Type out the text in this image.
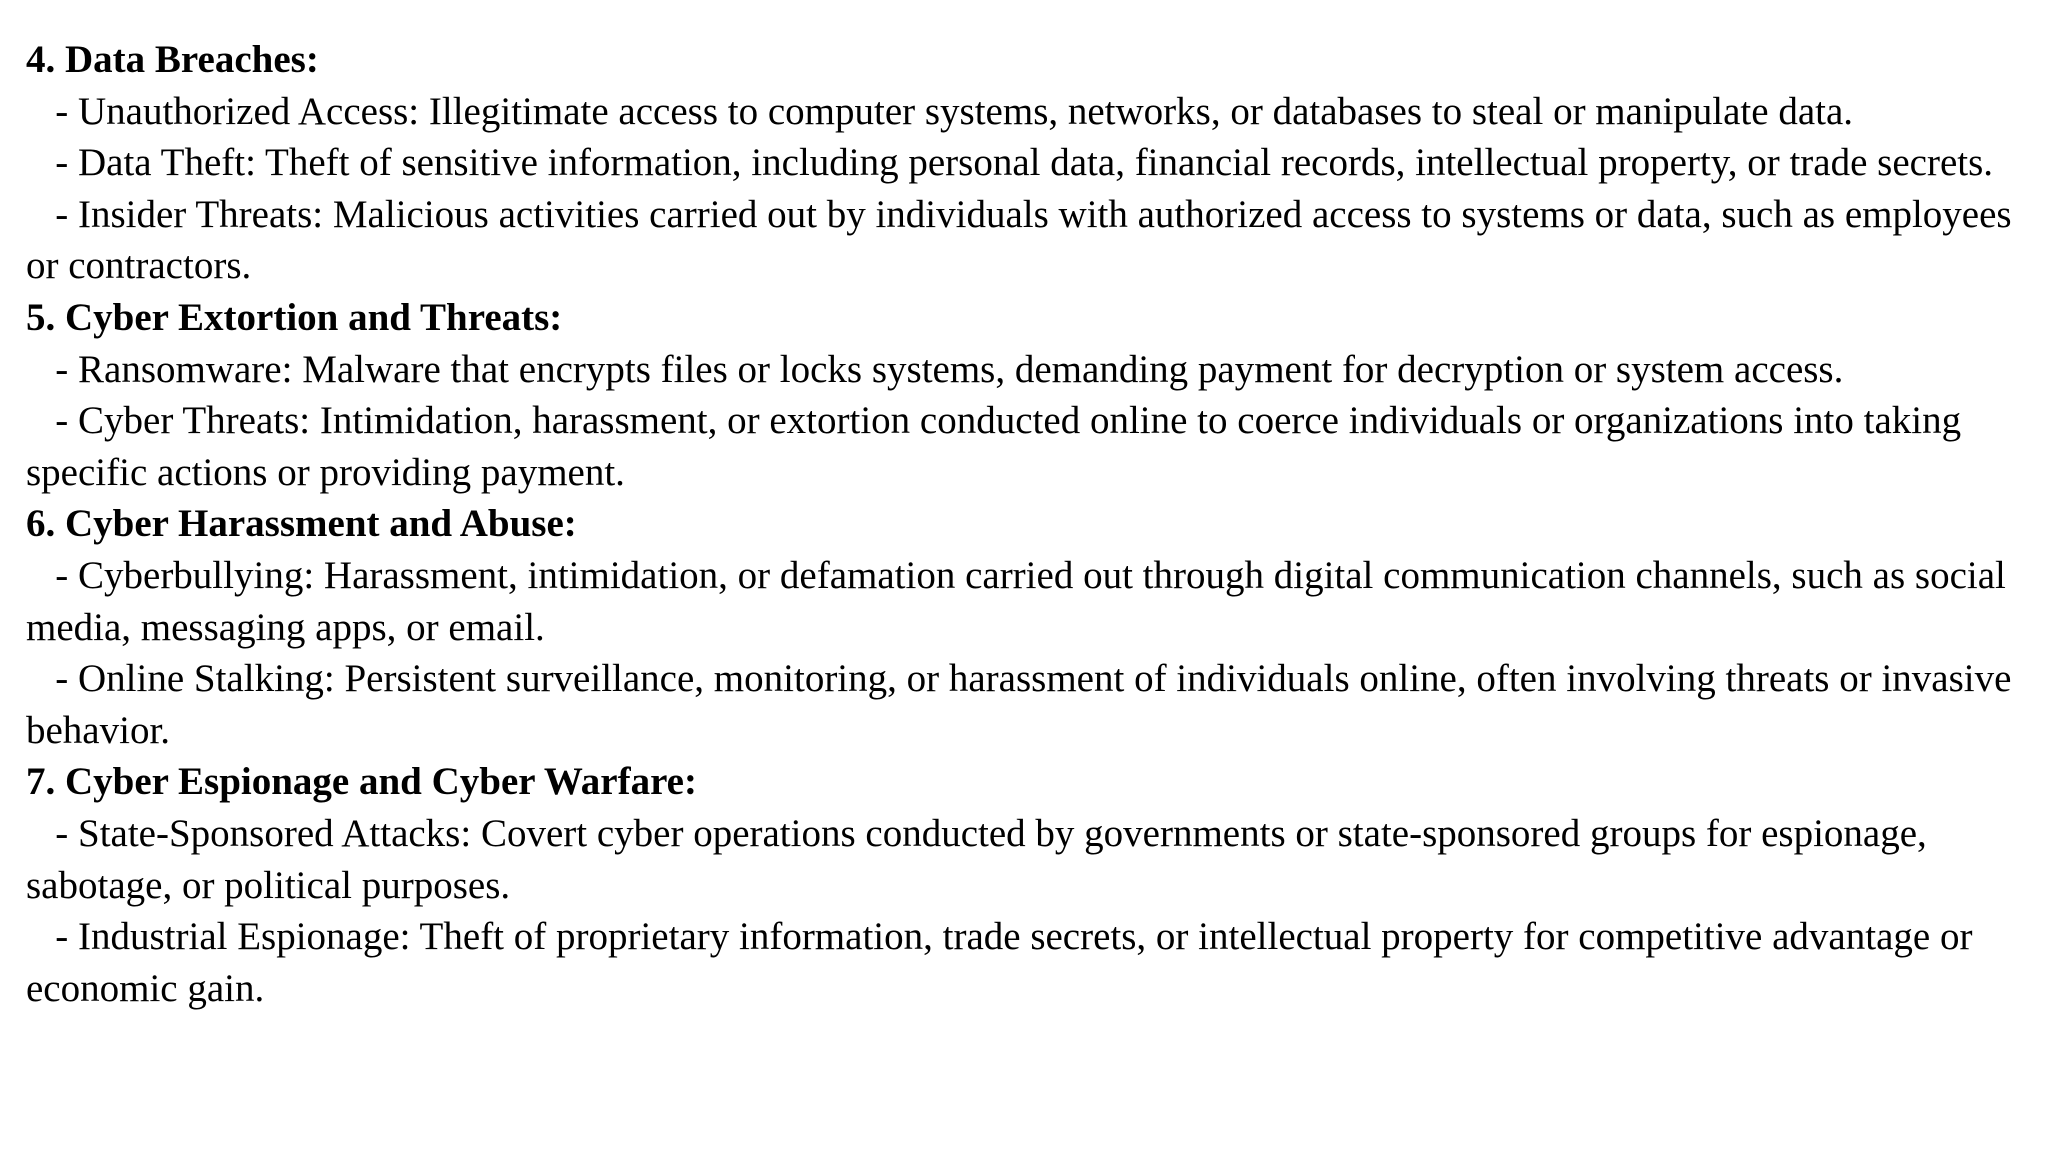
4. Data Breaches:

- Unauthorized Access: Illegitimate access to computer systems, networks, or databases to steal or manipulate data.

- Data Theft: Theft of sensitive information, including personal data, financial records, intellectual property, or trade secrets.

- Insider Threats: Malicious activities carried out by individuals with authorized access to systems or data, such as employees or contractors.

5. Cyber Extortion and Threats:

- Ransomware: Malware that encrypts files or locks systems, demanding payment for decryption or system access.

- Cyber Threats: Intimidation, harassment, or extortion conducted online to coerce individuals or organizations into taking specific actions or providing payment.

6. Cyber Harassment and Abuse:

- Cyberbullying: Harassment, intimidation, or defamation carried out through digital communication channels, such as social media, messaging apps, or email.

- Online Stalking: Persistent surveillance, monitoring, or harassment of individuals online, often involving threats or invasive behavior.

7. Cyber Espionage and Cyber Warfare:

- State-Sponsored Attacks: Covert cyber operations conducted by governments or state-sponsored groups for espionage, sabotage, or political purposes.

- Industrial Espionage: Theft of proprietary information, trade secrets, or intellectual property for competitive advantage or economic gain.
